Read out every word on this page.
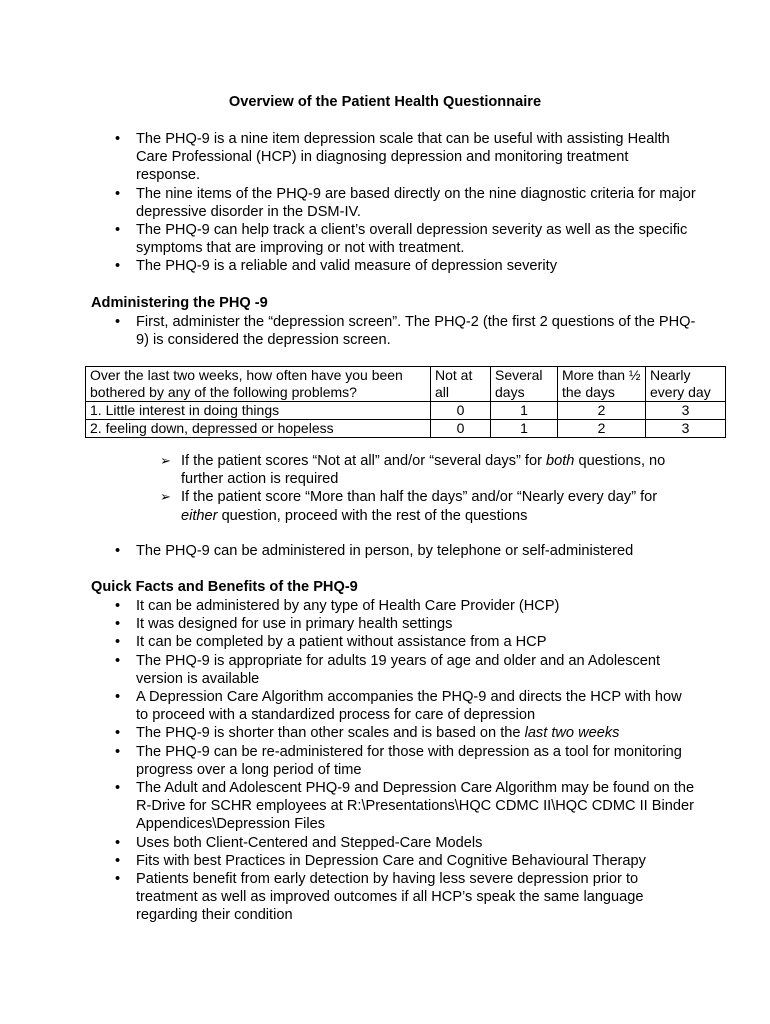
Overview of the Patient Health Questionnaire
• The PHQ-9 is a nine item depression scale that can be useful with assisting Health Care Professional (HCP) in diagnosing depression and monitoring treatment response.
• The nine items of the PHQ-9 are based directly on the nine diagnostic criteria for major depressive disorder in the DSM-IV.
• The PHQ-9 can help track a client’s overall depression severity as well as the specific symptoms that are improving or not with treatment.
• The PHQ-9 is a reliable and valid measure of depression severity
Administering the PHQ -9
• First, administer the “depression screen”. The PHQ-2 (the first 2 questions of the PHQ-9) is considered the depression screen.
Over the last two weeks, how often have you been bothered by any of the following problems?	Not at all	Several days	More than ½ the days	Nearly every day
1. Little interest in doing things	0	1	2	3
2. feeling down, depressed or hopeless	0	1	2	3
➢ If the patient scores “Not at all” and/or “several days” for both questions, no further action is required
➢ If the patient score “More than half the days” and/or “Nearly every day” for either question, proceed with the rest of the questions
• The PHQ-9 can be administered in person, by telephone or self-administered
Quick Facts and Benefits of the PHQ-9
• It can be administered by any type of Health Care Provider (HCP)
• It was designed for use in primary health settings
• It can be completed by a patient without assistance from a HCP
• The PHQ-9 is appropriate for adults 19 years of age and older and an Adolescent version is available
• A Depression Care Algorithm accompanies the PHQ-9 and directs the HCP with how to proceed with a standardized process for care of depression
• The PHQ-9 is shorter than other scales and is based on the last two weeks
• The PHQ-9 can be re-administered for those with depression as a tool for monitoring progress over a long period of time
• The Adult and Adolescent PHQ-9 and Depression Care Algorithm may be found on the R-Drive for SCHR employees at R:\Presentations\HQC CDMC II\HQC CDMC II Binder Appendices\Depression Files
• Uses both Client-Centered and Stepped-Care Models
• Fits with best Practices in Depression Care and Cognitive Behavioural Therapy
• Patients benefit from early detection by having less severe depression prior to treatment as well as improved outcomes if all HCP’s speak the same language regarding their condition
